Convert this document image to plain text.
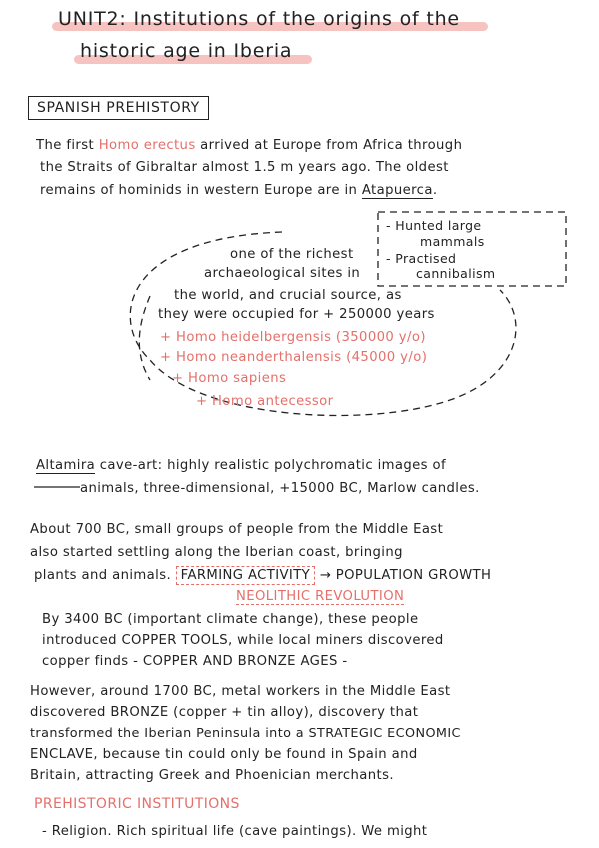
UNIT2: Institutions of the origins of the
historic age in Iberia
SPANISH PREHISTORY
The first Homo erectus arrived at Europe from Africa through
the Straits of Gibraltar almost 1.5 m years ago. The oldest
remains of hominids in western Europe are in Atapuerca.
- Hunted large
mammals
- Practised
cannibalism
one of the richest
archaeological sites in
the world, and crucial source, as
they were occupied for + 250000 years
+ Homo heidelbergensis (350000 y/o)
+ Homo neanderthalensis (45000 y/o)
+ Homo sapiens
+ Homo antecessor
Altamira cave-art: highly realistic polychromatic images of
animals, three-dimensional, +15000 BC, Marlow candles.
About 700 BC, small groups of people from the Middle East
also started settling along the Iberian coast, bringing
plants and animals. FARMING ACTIVITY → POPULATION GROWTH
NEOLITHIC REVOLUTION
By 3400 BC (important climate change), these people
introduced COPPER TOOLS, while local miners discovered
copper finds - COPPER AND BRONZE AGES -
However, around 1700 BC, metal workers in the Middle East
discovered BRONZE (copper + tin alloy), discovery that
transformed the Iberian Peninsula into a STRATEGIC ECONOMIC
ENCLAVE, because tin could only be found in Spain and
Britain, attracting Greek and Phoenician merchants.
PREHISTORIC INSTITUTIONS
- Religion. Rich spiritual life (cave paintings). We might
